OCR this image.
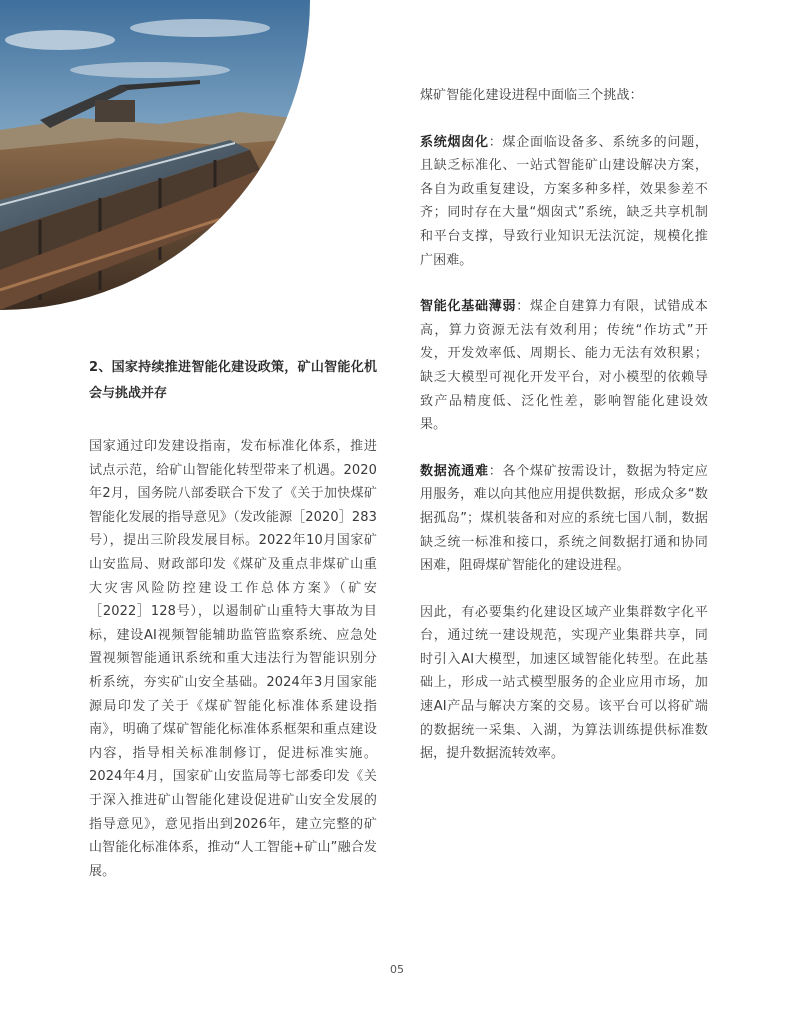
2、国家持续推进智能化建设政策，矿山智能化机会与挑战并存

国家通过印发建设指南，发布标准化体系，推进试点示范，给矿山智能化转型带来了机遇。2020年2月，国务院八部委联合下发了《关于加快煤矿智能化发展的指导意见》（发改能源［2020］283号），提出三阶段发展目标。2022年10月国家矿山安监局、财政部印发《煤矿及重点非煤矿山重大灾害风险防控建设工作总体方案》（矿安［2022］128号），以遏制矿山重特大事故为目标，建设AI视频智能辅助监管监察系统、应急处置视频智能通讯系统和重大违法行为智能识别分析系统，夯实矿山安全基础。2024年3月国家能源局印发了关于《煤矿智能化标准体系建设指南》，明确了煤矿智能化标准体系框架和重点建设内容，指导相关标准制修订，促进标准实施。2024年4月，国家矿山安监局等七部委印发《关于深入推进矿山智能化建设促进矿山安全发展的指导意见》，意见指出到2026年，建立完整的矿山智能化标准体系，推动“人工智能+矿山”融合发展。

煤矿智能化建设进程中面临三个挑战：

系统烟囱化：煤企面临设备多、系统多的问题，且缺乏标准化、一站式智能矿山建设解决方案，各自为政重复建设，方案多种多样，效果参差不齐；同时存在大量“烟囱式”系统，缺乏共享机制和平台支撑，导致行业知识无法沉淀，规模化推广困难。

智能化基础薄弱：煤企自建算力有限，试错成本高，算力资源无法有效利用；传统“作坊式”开发，开发效率低、周期长、能力无法有效积累；缺乏大模型可视化开发平台，对小模型的依赖导致产品精度低、泛化性差，影响智能化建设效果。

数据流通难：各个煤矿按需设计，数据为特定应用服务，难以向其他应用提供数据，形成众多“数据孤岛”；煤机装备和对应的系统七国八制，数据缺乏统一标准和接口，系统之间数据打通和协同困难，阻碍煤矿智能化的建设进程。

因此，有必要集约化建设区域产业集群数字化平台，通过统一建设规范，实现产业集群共享，同时引入AI大模型，加速区域智能化转型。在此基础上，形成一站式模型服务的企业应用市场，加速AI产品与解决方案的交易。该平台可以将矿端的数据统一采集、入湖，为算法训练提供标准数据，提升数据流转效率。

05
